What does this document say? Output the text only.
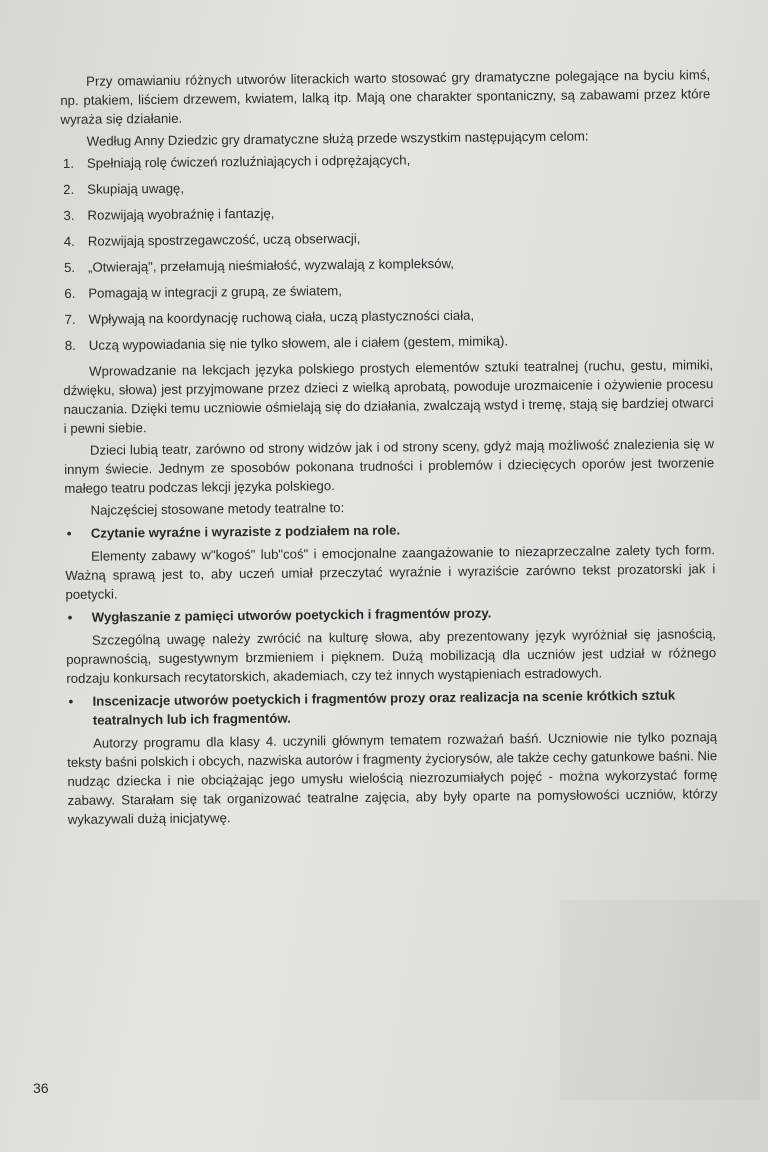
Przy omawianiu różnych utworów literackich warto stosować gry dramatyczne polegające na byciu kimś, np. ptakiem, liściem drzewem, kwiatem, lalką itp. Mają one charakter spontaniczny, są zabawami przez które wyraża się działanie.

Według Anny Dziedzic gry dramatyczne służą przede wszystkim następującym celom:

1. Spełniają rolę ćwiczeń rozluźniających i odprężających,
2. Skupiają uwagę,
3. Rozwijają wyobraźnię i fantazję,
4. Rozwijają spostrzegawczość, uczą obserwacji,
5. „Otwierają", przełamują nieśmiałość, wyzwalają z kompleksów,
6. Pomagają w integracji z grupą, ze światem,
7. Wpływają na koordynację ruchową ciała, uczą plastyczności ciała,
8. Uczą wypowiadania się nie tylko słowem, ale i ciałem (gestem, mimiką).

Wprowadzanie na lekcjach języka polskiego prostych elementów sztuki teatralnej (ruchu, gestu, mimiki, dźwięku, słowa) jest przyjmowane przez dzieci z wielką aprobatą, powoduje urozmaicenie i ożywienie procesu nauczania. Dzięki temu uczniowie ośmielają się do działania, zwalczają wstyd i tremę, stają się bardziej otwarci i pewni siebie.

Dzieci lubią teatr, zarówno od strony widzów jak i od strony sceny, gdyż mają możliwość znalezienia się w innym świecie. Jednym ze sposobów pokonana trudności i problemów i dziecięcych oporów jest tworzenie małego teatru podczas lekcji języka polskiego.

Najczęściej stosowane metody teatralne to:

•	Czytanie wyraźne i wyraziste z podziałem na role.

Elementy zabawy w"kogoś" lub"coś" i emocjonalne zaangażowanie to niezaprzeczalne zalety tych form. Ważną sprawą jest to, aby uczeń umiał przeczytać wyraźnie i wyraziście zarówno tekst prozatorski jak i poetycki.

•	Wygłaszanie z pamięci utworów poetyckich i fragmentów prozy.

Szczególną uwagę należy zwrócić na kulturę słowa, aby prezentowany język wyróżniał się jasnością, poprawnością, sugestywnym brzmieniem i pięknem. Dużą mobilizacją dla uczniów jest udział w różnego rodzaju konkursach recytatorskich, akademiach, czy też innych wystąpieniach estradowych.

•	Inscenizacje utworów poetyckich i fragmentów prozy oraz realizacja na scenie krótkich sztuk teatralnych lub ich fragmentów.

Autorzy programu dla klasy 4. uczynili głównym tematem rozważań baśń. Uczniowie nie tylko poznają teksty baśni polskich i obcych, nazwiska autorów i fragmenty życiorysów, ale także cechy gatunkowe baśni. Nie nudząc dziecka i nie obciążając jego umysłu wielością niezrozumiałych pojęć - można wykorzystać formę zabawy. Starałam się tak organizować teatralne zajęcia, aby były oparte na pomysłowości uczniów, którzy wykazywali dużą inicjatywę.

36
